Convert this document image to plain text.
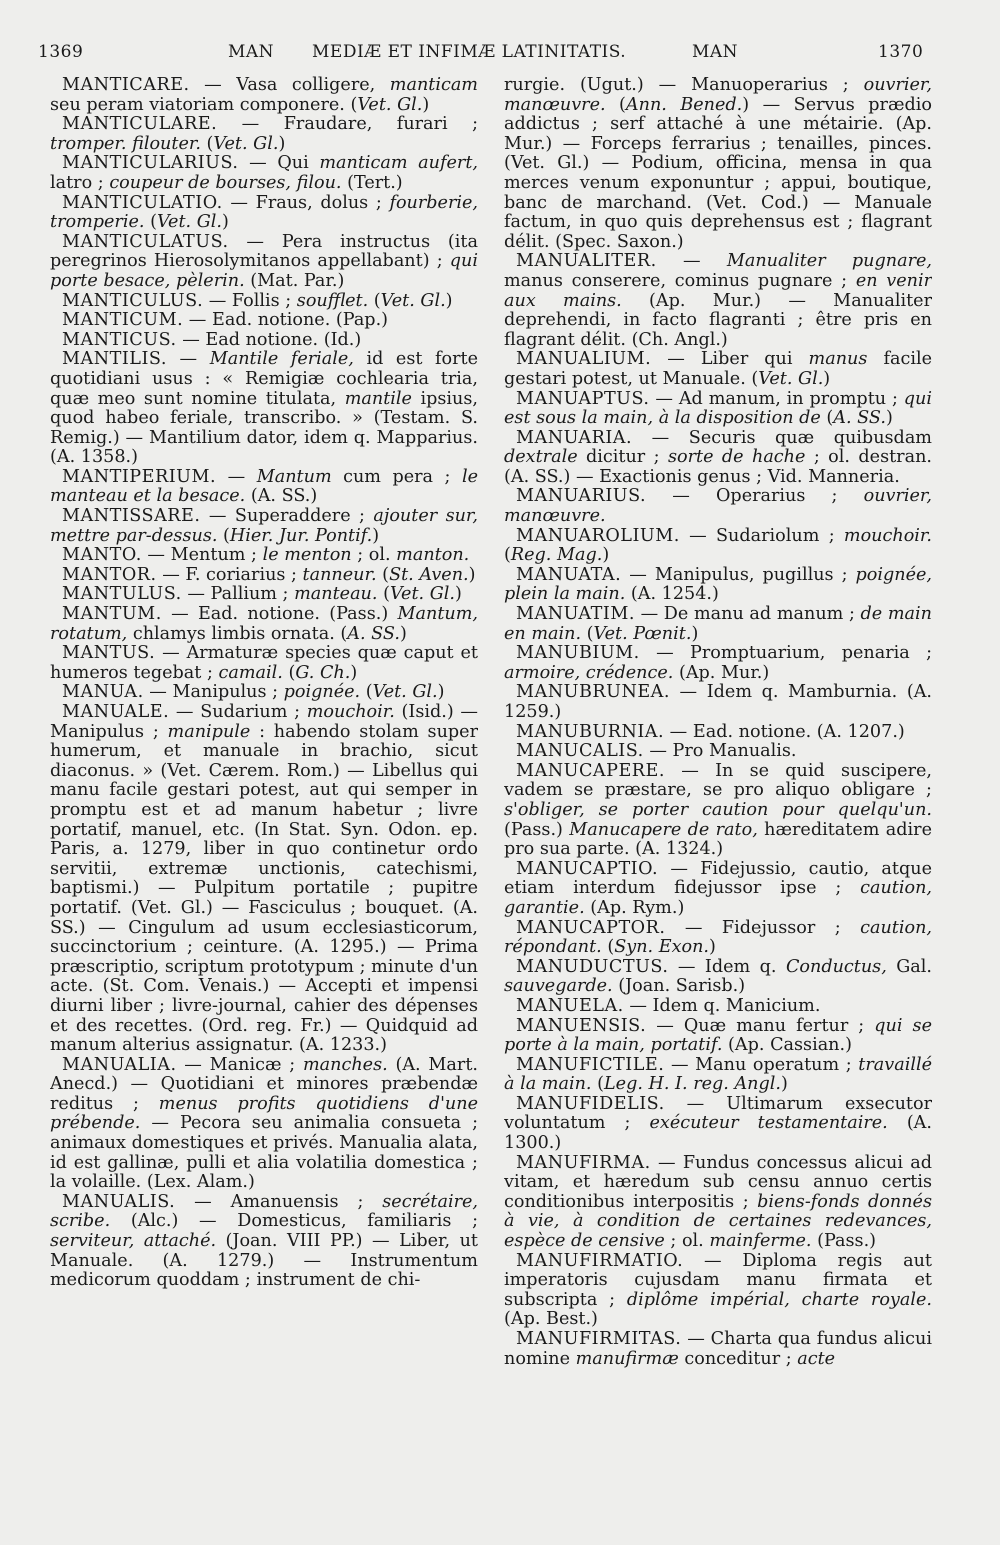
1369	MAN MEDIÆ ET INFIMÆ LATINITATIS.	MAN	1370

MANTICARE. — Vasa colligere, manticam seu peram viatoriam componere. (Vet. Gl.)

MANTICULARE. — Fraudare, furari ; tromper. filouter. (Vet. Gl.)

MANTICULARIUS. — Qui manticam aufert, latro ; coupeur de bourses, filou. (Tert.)

MANTICULATIO. — Fraus, dolus ; fourberie, tromperie. (Vet. Gl.)

MANTICULATUS. — Pera instructus (ita peregrinos Hierosolymitanos appellabant) ; qui porte besace, pèlerin. (Mat. Par.)

MANTICULUS. — Follis ; soufflet. (Vet. Gl.)

MANTICUM. — Ead. notione. (Pap.)

MANTICUS. — Ead notione. (Id.)

MANTILIS. — Mantile feriale, id est forte quotidiani usus : « Remigiæ cochlearia tria, quæ meo sunt nomine titulata, mantile ipsius, quod habeo feriale, transcribo. » (Testam. S. Remig.) — Mantilium dator, idem q. Mapparius. (A. 1358.)

MANTIPERIUM. — Mantum cum pera ; le manteau et la besace. (A. SS.)

MANTISSARE. — Superaddere ; ajouter sur, mettre par-dessus. (Hier. Jur. Pontif.)

MANTO. — Mentum ; le menton ; ol. manton.

MANTOR. — F. coriarius ; tanneur. (St. Aven.)

MANTULUS. — Pallium ; manteau. (Vet. Gl.)

MANTUM. — Ead. notione. (Pass.) Mantum, rotatum, chlamys limbis ornata. (A. SS.)

MANTUS. — Armaturæ species quæ caput et humeros tegebat ; camail. (G. Ch.)

MANUA. — Manipulus ; poignée. (Vet. Gl.)

MANUALE. — Sudarium ; mouchoir. (Isid.) — Manipulus ; manipule : habendo stolam super humerum, et manuale in brachio, sicut diaconus. » (Vet. Cærem. Rom.) — Libellus qui manu facile gestari potest, aut qui semper in promptu est et ad manum habetur ; livre portatif, manuel, etc. (In Stat. Syn. Odon. ep. Paris, a. 1279, liber in quo continetur ordo servitii, extremæ unctionis, catechismi, baptismi.) — Pulpitum portatile ; pupitre portatif. (Vet. Gl.) — Fasciculus ; bouquet. (A. SS.) — Cingulum ad usum ecclesiasticorum, succinctorium ; ceinture. (A. 1295.) — Prima præscriptio, scriptum prototypum ; minute d'un acte. (St. Com. Venais.) — Accepti et impensi diurni liber ; livre-journal, cahier des dépenses et des recettes. (Ord. reg. Fr.) — Quidquid ad manum alterius assignatur. (A. 1233.)

MANUALIA. — Manicæ ; manches. (A. Mart. Anecd.) — Quotidiani et minores præbendæ reditus ; menus profits quotidiens d'une prébende. — Pecora seu animalia consueta ; animaux domestiques et privés. Manualia alata, id est gallinæ, pulli et alia volatilia domestica ; la volaille. (Lex. Alam.)

MANUALIS. — Amanuensis ; secrétaire, scribe. (Alc.) — Domesticus, familiaris ; serviteur, attaché. (Joan. VIII PP.) — Liber, ut Manuale. (A. 1279.) — Instrumentum medicorum quoddam ; instrument de chi-

rurgie. (Ugut.) — Manuoperarius ; ouvrier, manœuvre. (Ann. Bened.) — Servus prædio addictus ; serf attaché à une métairie. (Ap. Mur.) — Forceps ferrarius ; tenailles, pinces. (Vet. Gl.) — Podium, officina, mensa in qua merces venum exponuntur ; appui, boutique, banc de marchand. (Vet. Cod.) — Manuale factum, in quo quis deprehensus est ; flagrant délit. (Spec. Saxon.)

MANUALITER. — Manualiter pugnare, manus conserere, cominus pugnare ; en venir aux mains. (Ap. Mur.) — Manualiter deprehendi, in facto flagranti ; être pris en flagrant délit. (Ch. Angl.)

MANUALIUM. — Liber qui manus facile gestari potest, ut Manuale. (Vet. Gl.)

MANUAPTUS. — Ad manum, in promptu ; qui est sous la main, à la disposition de (A. SS.)

MANUARIA. — Securis quæ quibusdam dextrale dicitur ; sorte de hache ; ol. destran. (A. SS.) — Exactionis genus ; Vid. Manneria.

MANUARIUS. — Operarius ; ouvrier, manœuvre.

MANUAROLIUM. — Sudariolum ; mouchoir. (Reg. Mag.)

MANUATA. — Manipulus, pugillus ; poignée, plein la main. (A. 1254.)

MANUATIM. — De manu ad manum ; de main en main. (Vet. Pœnit.)

MANUBIUM. — Promptuarium, penaria ; armoire, crédence. (Ap. Mur.)

MANUBRUNEA. — Idem q. Mamburnia. (A. 1259.)

MANUBURNIA. — Ead. notione. (A. 1207.)

MANUCALIS. — Pro Manualis.

MANUCAPERE. — In se quid suscipere, vadem se præstare, se pro aliquo obligare ; s'obliger, se porter caution pour quelqu'un. (Pass.) Manucapere de rato, hæreditatem adire pro sua parte. (A. 1324.)

MANUCAPTIO. — Fidejussio, cautio, atque etiam interdum fidejussor ipse ; caution, garantie. (Ap. Rym.)

MANUCAPTOR. — Fidejussor ; caution, répondant. (Syn. Exon.)

MANUDUCTUS. — Idem q. Conductus, Gal. sauvegarde. (Joan. Sarisb.)

MANUELA. — Idem q. Manicium.

MANUENSIS. — Quæ manu fertur ; qui se porte à la main, portatif. (Ap. Cassian.)

MANUFICTILE. — Manu operatum ; travaillé à la main. (Leg. H. I. reg. Angl.)

MANUFIDELIS. — Ultimarum exsecutor voluntatum ; exécuteur testamentaire. (A. 1300.)

MANUFIRMA. — Fundus concessus alicui ad vitam, et hæredum sub censu annuo certis conditionibus interpositis ; biens-fonds donnés à vie, à condition de certaines redevances, espèce de censive ; ol. mainferme. (Pass.)

MANUFIRMATIO. — Diploma regis aut imperatoris cujusdam manu firmata et subscripta ; diplôme impérial, charte royale. (Ap. Best.)

MANUFIRMITAS. — Charta qua fundus alicui nomine manufirmæ conceditur ; acte
